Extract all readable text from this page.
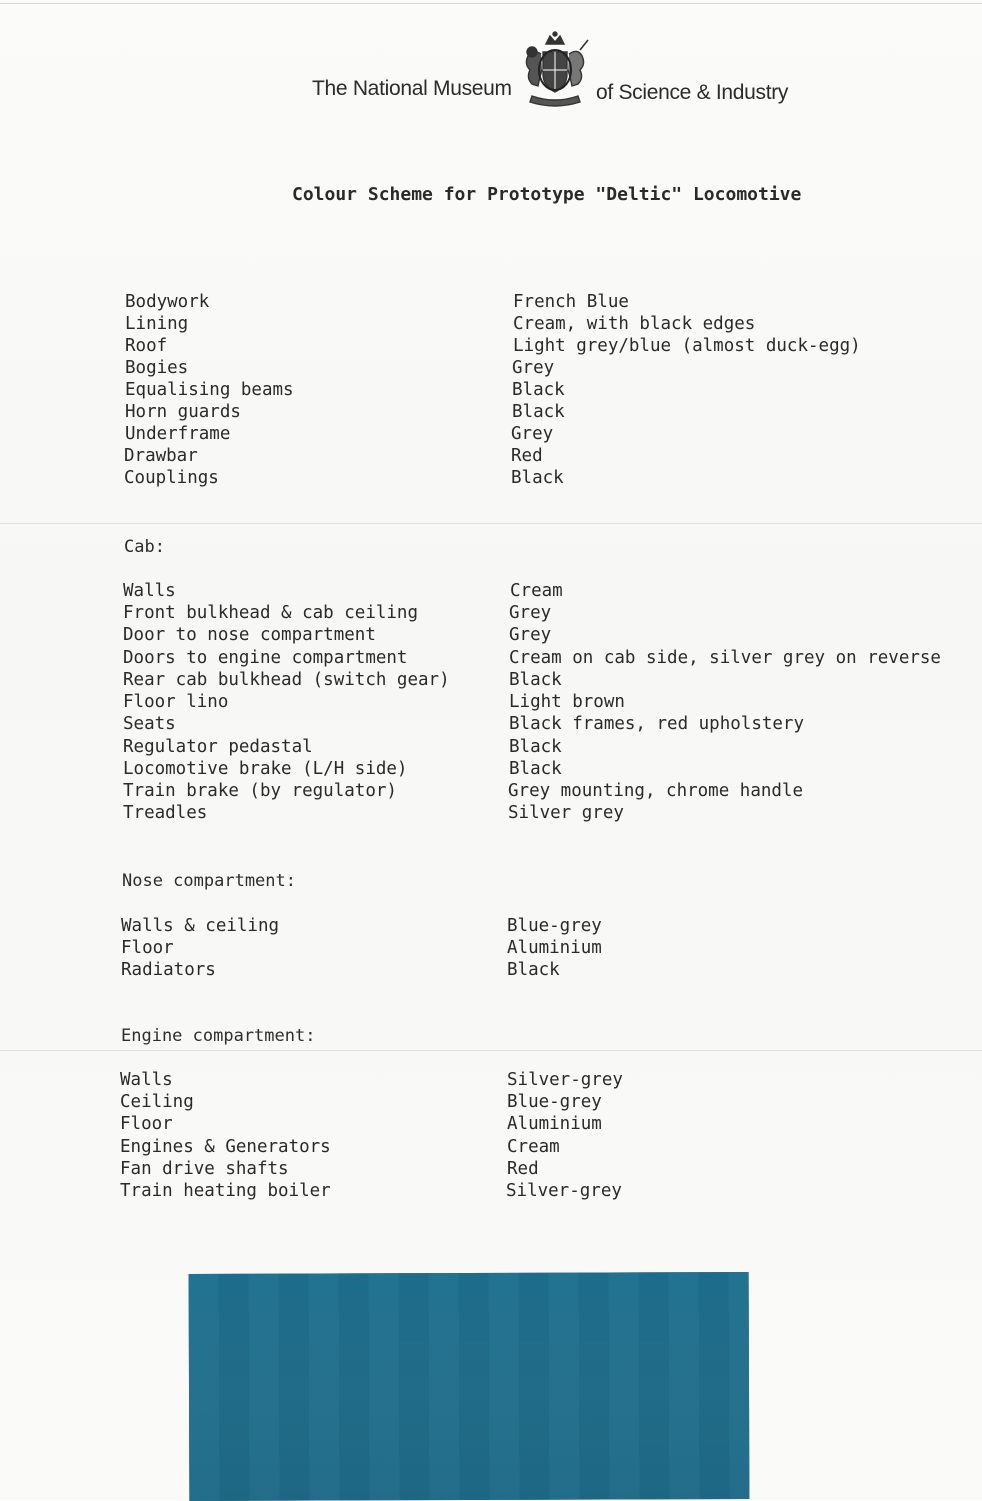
The National Museum	of Science & Industry
Colour Scheme for Prototype "Deltic" Locomotive
Bodywork	French Blue
Lining	Cream, with black edges
Roof	Light grey/blue (almost duck-egg)
Bogies	Grey
Equalising beams	Black
Horn guards	Black
Underframe	Grey
Drawbar	Red
Couplings	Black
Cab:
Walls	Cream
Front bulkhead & cab ceiling	Grey
Door to nose compartment	Grey
Doors to engine compartment	Cream on cab side, silver grey on reverse
Rear cab bulkhead (switch gear)	Black
Floor lino	Light brown
Seats	Black frames, red upholstery
Regulator pedastal	Black
Locomotive brake (L/H side)	Black
Train brake (by regulator)	Grey mounting, chrome handle
Treadles	Silver grey
Nose compartment:
Walls & ceiling	Blue-grey
Floor	Aluminium
Radiators	Black
Engine compartment:
Walls	Silver-grey
Ceiling	Blue-grey
Floor	Aluminium
Engines & Generators	Cream
Fan drive shafts	Red
Train heating boiler	Silver-grey
